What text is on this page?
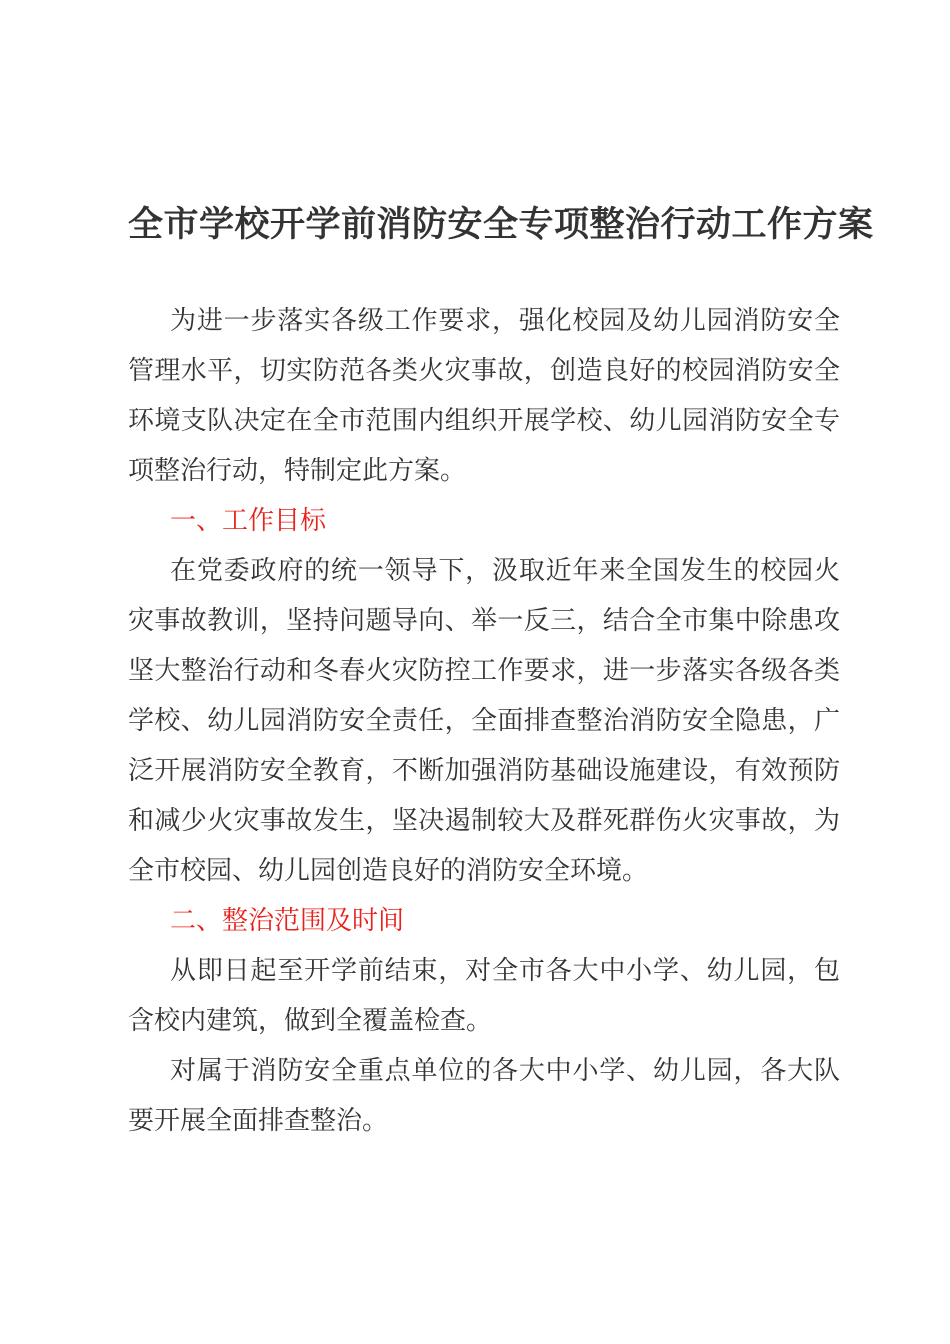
全市学校开学前消防安全专项整治行动工作方案

为进一步落实各级工作要求，强化校园及幼儿园消防安全管理水平，切实防范各类火灾事故，创造良好的校园消防安全环境支队决定在全市范围内组织开展学校、幼儿园消防安全专项整治行动，特制定此方案。

一、工作目标

在党委政府的统一领导下，汲取近年来全国发生的校园火灾事故教训，坚持问题导向、举一反三，结合全市集中除患攻坚大整治行动和冬春火灾防控工作要求，进一步落实各级各类学校、幼儿园消防安全责任，全面排查整治消防安全隐患，广泛开展消防安全教育，不断加强消防基础设施建设，有效预防和减少火灾事故发生，坚决遏制较大及群死群伤火灾事故，为全市校园、幼儿园创造良好的消防安全环境。

二、整治范围及时间

从即日起至开学前结束，对全市各大中小学、幼儿园，包含校内建筑，做到全覆盖检查。

对属于消防安全重点单位的各大中小学、幼儿园，各大队要开展全面排查整治。
